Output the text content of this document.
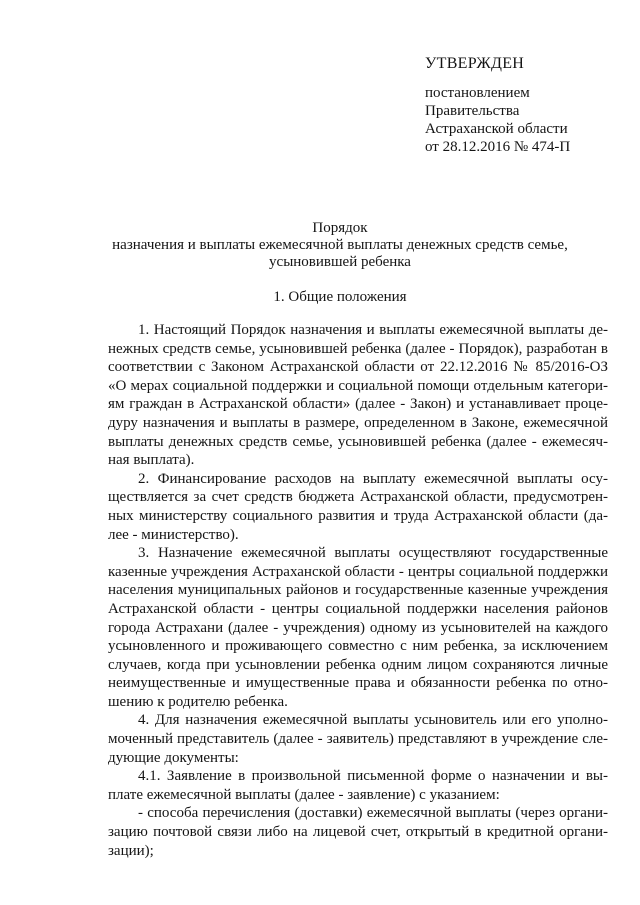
УТВЕРЖДЕН
постановлением
Правительства
Астраханской области
от 28.12.2016 № 474-П
Порядок
назначения и выплаты ежемесячной выплаты денежных средств семье,
усыновившей ребенка
1. Общие положения
1. Настоящий Порядок назначения и выплаты ежемесячной выплаты де-
нежных средств семье, усыновившей ребенка (далее - Порядок), разработан в
соответствии с Законом Астраханской области от 22.12.2016 № 85/2016-ОЗ
«О мерах социальной поддержки и социальной помощи отдельным категори-
ям граждан в Астраханской области» (далее - Закон) и устанавливает проце-
дуру назначения и выплаты в размере, определенном в Законе, ежемесячной
выплаты денежных средств семье, усыновившей ребенка (далее - ежемесяч-
ная выплата).
2. Финансирование расходов на выплату ежемесячной выплаты осу-
ществляется за счет средств бюджета Астраханской области, предусмотрен-
ных министерству социального развития и труда Астраханской области (да-
лее - министерство).
3. Назначение ежемесячной выплаты осуществляют государственные
казенные учреждения Астраханской области - центры социальной поддержки
населения муниципальных районов и государственные казенные учреждения
Астраханской области - центры социальной поддержки населения районов
города Астрахани (далее - учреждения) одному из усыновителей на каждого
усыновленного и проживающего совместно с ним ребенка, за исключением
случаев, когда при усыновлении ребенка одним лицом сохраняются личные
неимущественные и имущественные права и обязанности ребенка по отно-
шению к родителю ребенка.
4. Для назначения ежемесячной выплаты усыновитель или его уполно-
моченный представитель (далее - заявитель) представляют в учреждение сле-
дующие документы:
4.1. Заявление в произвольной письменной форме о назначении и вы-
плате ежемесячной выплаты (далее - заявление) с указанием:
- способа перечисления (доставки) ежемесячной выплаты (через органи-
зацию почтовой связи либо на лицевой счет, открытый в кредитной органи-
зации);
